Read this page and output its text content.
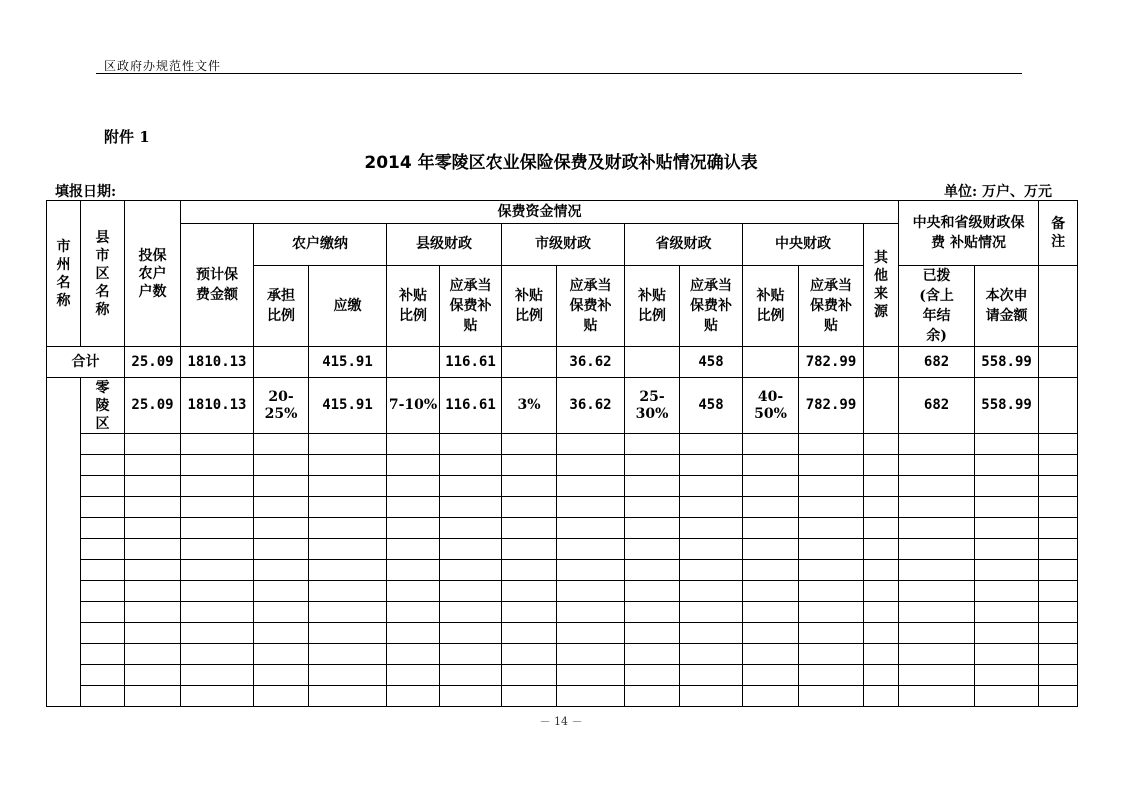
区政府办规范性文件
附件 1
2014 年零陵区农业保险保费及财政补贴情况确认表
填报日期:	单位: 万户、万元
市州名称	县市区名称	投保农户户数	保费资金情况												中央和省级财政保费 补贴情况		备注
			预计保费金额	农户缴纳		县级财政		市级财政		省级财政		中央财政		其他来源			
				承担比例	应缴	补贴比例	应承当保费补贴	补贴比例	应承当保费补贴	补贴比例	应承当保费补贴	补贴比例	应承当保费补贴		已拨(含上年结余)	本次申请金额	
合计		25.09	1810.13		415.91		116.61		36.62		458		782.99		682	558.99	
	零陵区	25.09	1810.13	20-25%	415.91	7-10%	116.61	3%	36.62	25-30%	458	40-50%	782.99		682	558.99	

－ 14 －
